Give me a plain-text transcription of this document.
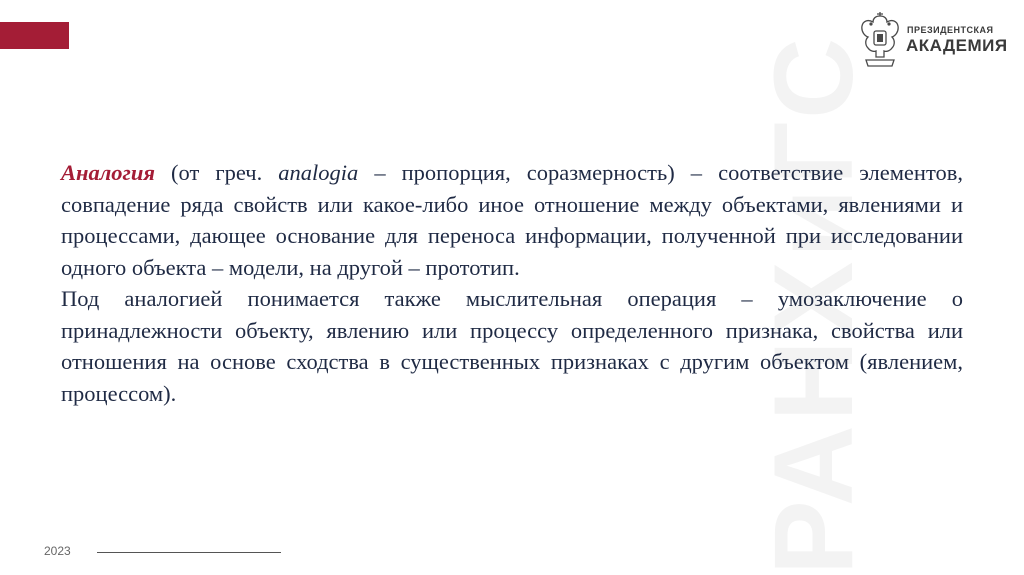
РАНХиГС
ПРЕЗИДЕНТСКАЯ
АКАДЕМИЯ

Аналогия (от греч. analogia – пропорция, соразмерность) – соответствие элементов, совпадение ряда свойств или какое-либо иное отношение между объектами, явлениями и процессами, дающее основание для переноса информации, полученной при исследовании одного объекта – модели, на другой – прототип.

Под аналогией понимается также мыслительная операция – умозаключение о принадлежности объекту, явлению или процессу определенного признака, свойства или отношения на основе сходства в существенных признаках с другим объектом (явлением, процессом).

2023
